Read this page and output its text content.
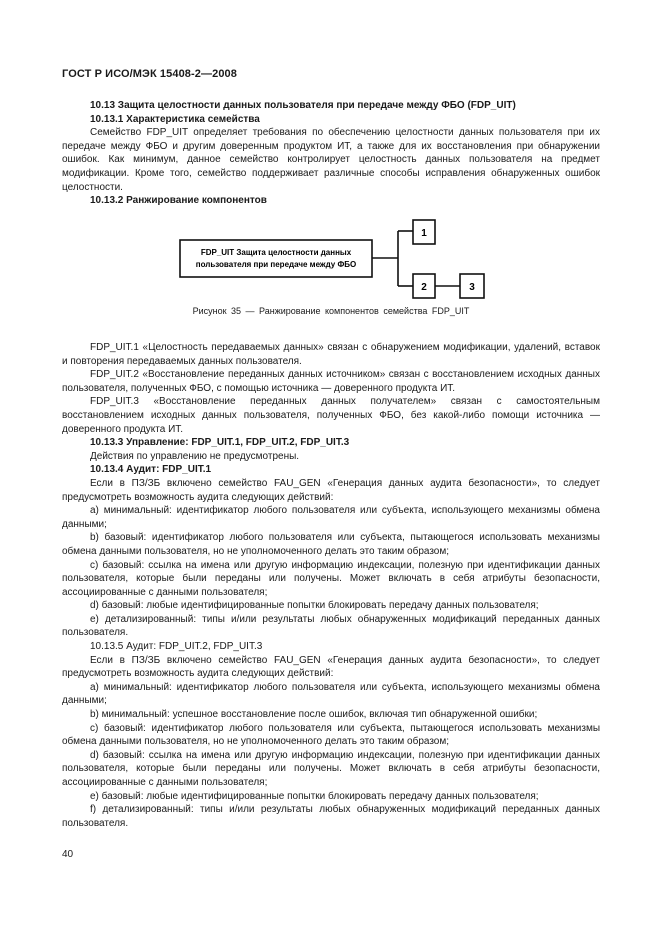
ГОСТ Р ИСО/МЭК 15408-2—2008

10.13 Защита целостности данных пользователя при передаче между ФБО (FDP_UIT)

10.13.1 Характеристика семейства

Семейство FDP_UIT определяет требования по обеспечению целостности данных пользователя при их передаче между ФБО и другим доверенным продуктом ИТ, а также для их восстановления при обнаружении ошибок. Как минимум, данное семейство контролирует целостность данных пользователя на предмет модификации. Кроме того, семейство поддерживает различные способы исправления обнаруженных ошибок целостности.

10.13.2 Ранжирование компонентов

FDP_UIT Защита целостности данных
пользователя при передаче между ФБО
1
2	3
Рисунок 35 — Ранжирование компонентов семейства FDP_UIT

FDP_UIT.1 «Целостность передаваемых данных» связан с обнаружением модификации, удалений, вставок и повторения передаваемых данных пользователя.

FDP_UIT.2 «Восстановление переданных данных источником» связан с восстановлением исходных данных пользователя, полученных ФБО, с помощью источника — доверенного продукта ИТ.

FDP_UIT.3 «Восстановление переданных данных получателем» связан с самостоятельным восстановлением исходных данных пользователя, полученных ФБО, без какой-либо помощи источника — доверенного продукта ИТ.

10.13.3 Управление: FDP_UIT.1, FDP_UIT.2, FDP_UIT.3

Действия по управлению не предусмотрены.

10.13.4 Аудит: FDP_UIT.1

Если в ПЗ/ЗБ включено семейство FAU_GEN «Генерация данных аудита безопасности», то следует предусмотреть возможность аудита следующих действий:

а) минимальный: идентификатор любого пользователя или субъекта, использующего механизмы обмена данными;

b) базовый: идентификатор любого пользователя или субъекта, пытающегося использовать механизмы обмена данными пользователя, но не уполномоченного делать это таким образом;

с) базовый: ссылка на имена или другую информацию индексации, полезную при идентификации данных пользователя, которые были переданы или получены. Может включать в себя атрибуты безопасности, ассоциированные с данными пользователя;

d) базовый: любые идентифицированные попытки блокировать передачу данных пользователя;

е) детализированный: типы и/или результаты любых обнаруженных модификаций переданных данных пользователя.

10.13.5 Аудит: FDP_UIT.2, FDP_UIT.3

Если в ПЗ/ЗБ включено семейство FAU_GEN «Генерация данных аудита безопасности», то следует предусмотреть возможность аудита следующих действий:

а) минимальный: идентификатор любого пользователя или субъекта, использующего механизмы обмена данными;

b) минимальный: успешное восстановление после ошибок, включая тип обнаруженной ошибки;

с) базовый: идентификатор любого пользователя или субъекта, пытающегося использовать механизмы обмена данными пользователя, но не уполномоченного делать это таким образом;

d) базовый: ссылка на имена или другую информацию индексации, полезную при идентификации данных пользователя, которые были переданы или получены. Может включать в себя атрибуты безопасности, ассоциированные с данными пользователя;

е) базовый: любые идентифицированные попытки блокировать передачу данных пользователя;

f) детализированный: типы и/или результаты любых обнаруженных модификаций переданных данных пользователя.

40
